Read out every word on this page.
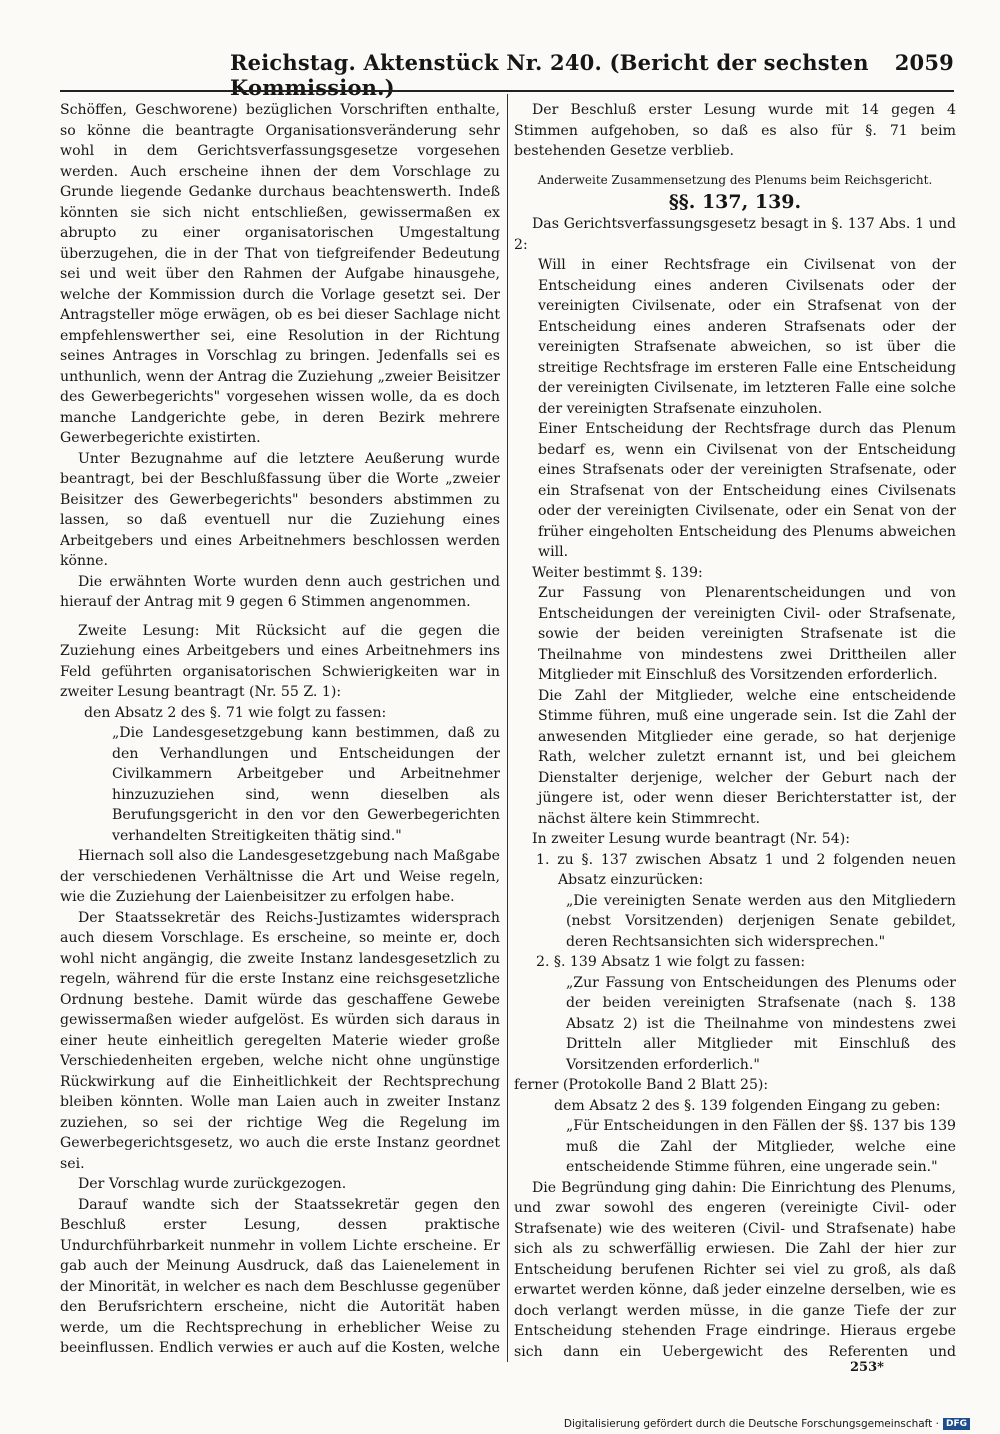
Reichstag. Aktenstück Nr. 240. (Bericht der sechsten Kommission.)
2059

Schöffen, Geschworene) bezüglichen Vorschriften enthalte, so könne die beantragte Organisationsveränderung sehr wohl in dem Gerichtsverfassungsgesetze vorgesehen werden. Auch erscheine ihnen der dem Vorschlage zu Grunde liegende Gedanke durchaus beachtenswerth. Indeß könnten sie sich nicht entschließen, gewissermaßen ex abrupto zu einer organisatorischen Umgestaltung überzugehen, die in der That von tiefgreifender Bedeutung sei und weit über den Rahmen der Aufgabe hinausgehe, welche der Kommission durch die Vorlage gesetzt sei. Der Antragsteller möge erwägen, ob es bei dieser Sachlage nicht empfehlenswerther sei, eine Resolution in der Richtung seines Antrages in Vorschlag zu bringen. Jedenfalls sei es unthunlich, wenn der Antrag die Zuziehung „zweier Beisitzer des Gewerbegerichts" vorgesehen wissen wolle, da es doch manche Landgerichte gebe, in deren Bezirk mehrere Gewerbegerichte existirten.

Unter Bezugnahme auf die letztere Aeußerung wurde beantragt, bei der Beschlußfassung über die Worte „zweier Beisitzer des Gewerbegerichts" besonders abstimmen zu lassen, so daß eventuell nur die Zuziehung eines Arbeitgebers und eines Arbeitnehmers beschlossen werden könne.

Die erwähnten Worte wurden denn auch gestrichen und hierauf der Antrag mit 9 gegen 6 Stimmen angenommen.

Zweite Lesung: Mit Rücksicht auf die gegen die Zuziehung eines Arbeitgebers und eines Arbeitnehmers ins Feld geführten organisatorischen Schwierigkeiten war in zweiter Lesung beantragt (Nr. 55 Z. 1):

den Absatz 2 des §. 71 wie folgt zu fassen:

„Die Landesgesetzgebung kann bestimmen, daß zu den Verhandlungen und Entscheidungen der Civilkammern Arbeitgeber und Arbeitnehmer hinzuzuziehen sind, wenn dieselben als Berufungsgericht in den vor den Gewerbegerichten verhandelten Streitigkeiten thätig sind."

Hiernach soll also die Landesgesetzgebung nach Maßgabe der verschiedenen Verhältnisse die Art und Weise regeln, wie die Zuziehung der Laienbeisitzer zu erfolgen habe.

Der Staatssekretär des Reichs-Justizamtes widersprach auch diesem Vorschlage. Es erscheine, so meinte er, doch wohl nicht angängig, die zweite Instanz landesgesetzlich zu regeln, während für die erste Instanz eine reichsgesetzliche Ordnung bestehe. Damit würde das geschaffene Gewebe gewissermaßen wieder aufgelöst. Es würden sich daraus in einer heute einheitlich geregelten Materie wieder große Verschiedenheiten ergeben, welche nicht ohne ungünstige Rückwirkung auf die Einheitlichkeit der Rechtsprechung bleiben könnten. Wolle man Laien auch in zweiter Instanz zuziehen, so sei der richtige Weg die Regelung im Gewerbegerichtsgesetz, wo auch die erste Instanz geordnet sei.

Der Vorschlag wurde zurückgezogen.

Darauf wandte sich der Staatssekretär gegen den Beschluß erster Lesung, dessen praktische Undurchführbarkeit nunmehr in vollem Lichte erscheine. Er gab auch der Meinung Ausdruck, daß das Laienelement in der Minorität, in welcher es nach dem Beschlusse gegenüber den Berufsrichtern erscheine, nicht die Autorität haben werde, um die Rechtsprechung in erheblicher Weise zu beeinflussen. Endlich verwies er auch auf die Kosten, welche

Der Beschluß erster Lesung wurde mit 14 gegen 4 Stimmen aufgehoben, so daß es also für §. 71 beim bestehenden Gesetze verblieb.

Anderweite Zusammensetzung des Plenums beim Reichsgericht.

§§. 137, 139.

Das Gerichtsverfassungsgesetz besagt in §. 137 Abs. 1 und 2:

Will in einer Rechtsfrage ein Civilsenat von der Entscheidung eines anderen Civilsenats oder der vereinigten Civilsenate, oder ein Strafsenat von der Entscheidung eines anderen Strafsenats oder der vereinigten Strafsenate abweichen, so ist über die streitige Rechtsfrage im ersteren Falle eine Entscheidung der vereinigten Civilsenate, im letzteren Falle eine solche der vereinigten Strafsenate einzuholen.

Einer Entscheidung der Rechtsfrage durch das Plenum bedarf es, wenn ein Civilsenat von der Entscheidung eines Strafsenats oder der vereinigten Strafsenate, oder ein Strafsenat von der Entscheidung eines Civilsenats oder der vereinigten Civilsenate, oder ein Senat von der früher eingeholten Entscheidung des Plenums abweichen will.

Weiter bestimmt §. 139:

Zur Fassung von Plenarentscheidungen und von Entscheidungen der vereinigten Civil- oder Strafsenate, sowie der beiden vereinigten Strafsenate ist die Theilnahme von mindestens zwei Drittheilen aller Mitglieder mit Einschluß des Vorsitzenden erforderlich.

Die Zahl der Mitglieder, welche eine entscheidende Stimme führen, muß eine ungerade sein. Ist die Zahl der anwesenden Mitglieder eine gerade, so hat derjenige Rath, welcher zuletzt ernannt ist, und bei gleichem Dienstalter derjenige, welcher der Geburt nach der jüngere ist, oder wenn dieser Berichterstatter ist, der nächst ältere kein Stimmrecht.

In zweiter Lesung wurde beantragt (Nr. 54):

1. zu §. 137 zwischen Absatz 1 und 2 folgenden neuen Absatz einzurücken:

„Die vereinigten Senate werden aus den Mitgliedern (nebst Vorsitzenden) derjenigen Senate gebildet, deren Rechtsansichten sich widersprechen."

2. §. 139 Absatz 1 wie folgt zu fassen:

„Zur Fassung von Entscheidungen des Plenums oder der beiden vereinigten Strafsenate (nach §. 138 Absatz 2) ist die Theilnahme von mindestens zwei Dritteln aller Mitglieder mit Einschluß des Vorsitzenden erforderlich."

ferner (Protokolle Band 2 Blatt 25):

dem Absatz 2 des §. 139 folgenden Eingang zu geben:

„Für Entscheidungen in den Fällen der §§. 137 bis 139 muß die Zahl der Mitglieder, welche eine entscheidende Stimme führen, eine ungerade sein."

Die Begründung ging dahin: Die Einrichtung des Plenums, und zwar sowohl des engeren (vereinigte Civil- oder Strafsenate) wie des weiteren (Civil- und Strafsenate) habe sich als zu schwerfällig erwiesen. Die Zahl der hier zur Entscheidung berufenen Richter sei viel zu groß, als daß erwartet werden könne, daß jeder einzelne derselben, wie es doch verlangt werden müsse, in die ganze Tiefe der zur Entscheidung stehenden Frage eindringe. Hieraus ergebe sich dann ein Uebergewicht des Referenten und

253*
Digitalisierung gefördert durch die Deutsche Forschungsgemeinschaft · DFG
